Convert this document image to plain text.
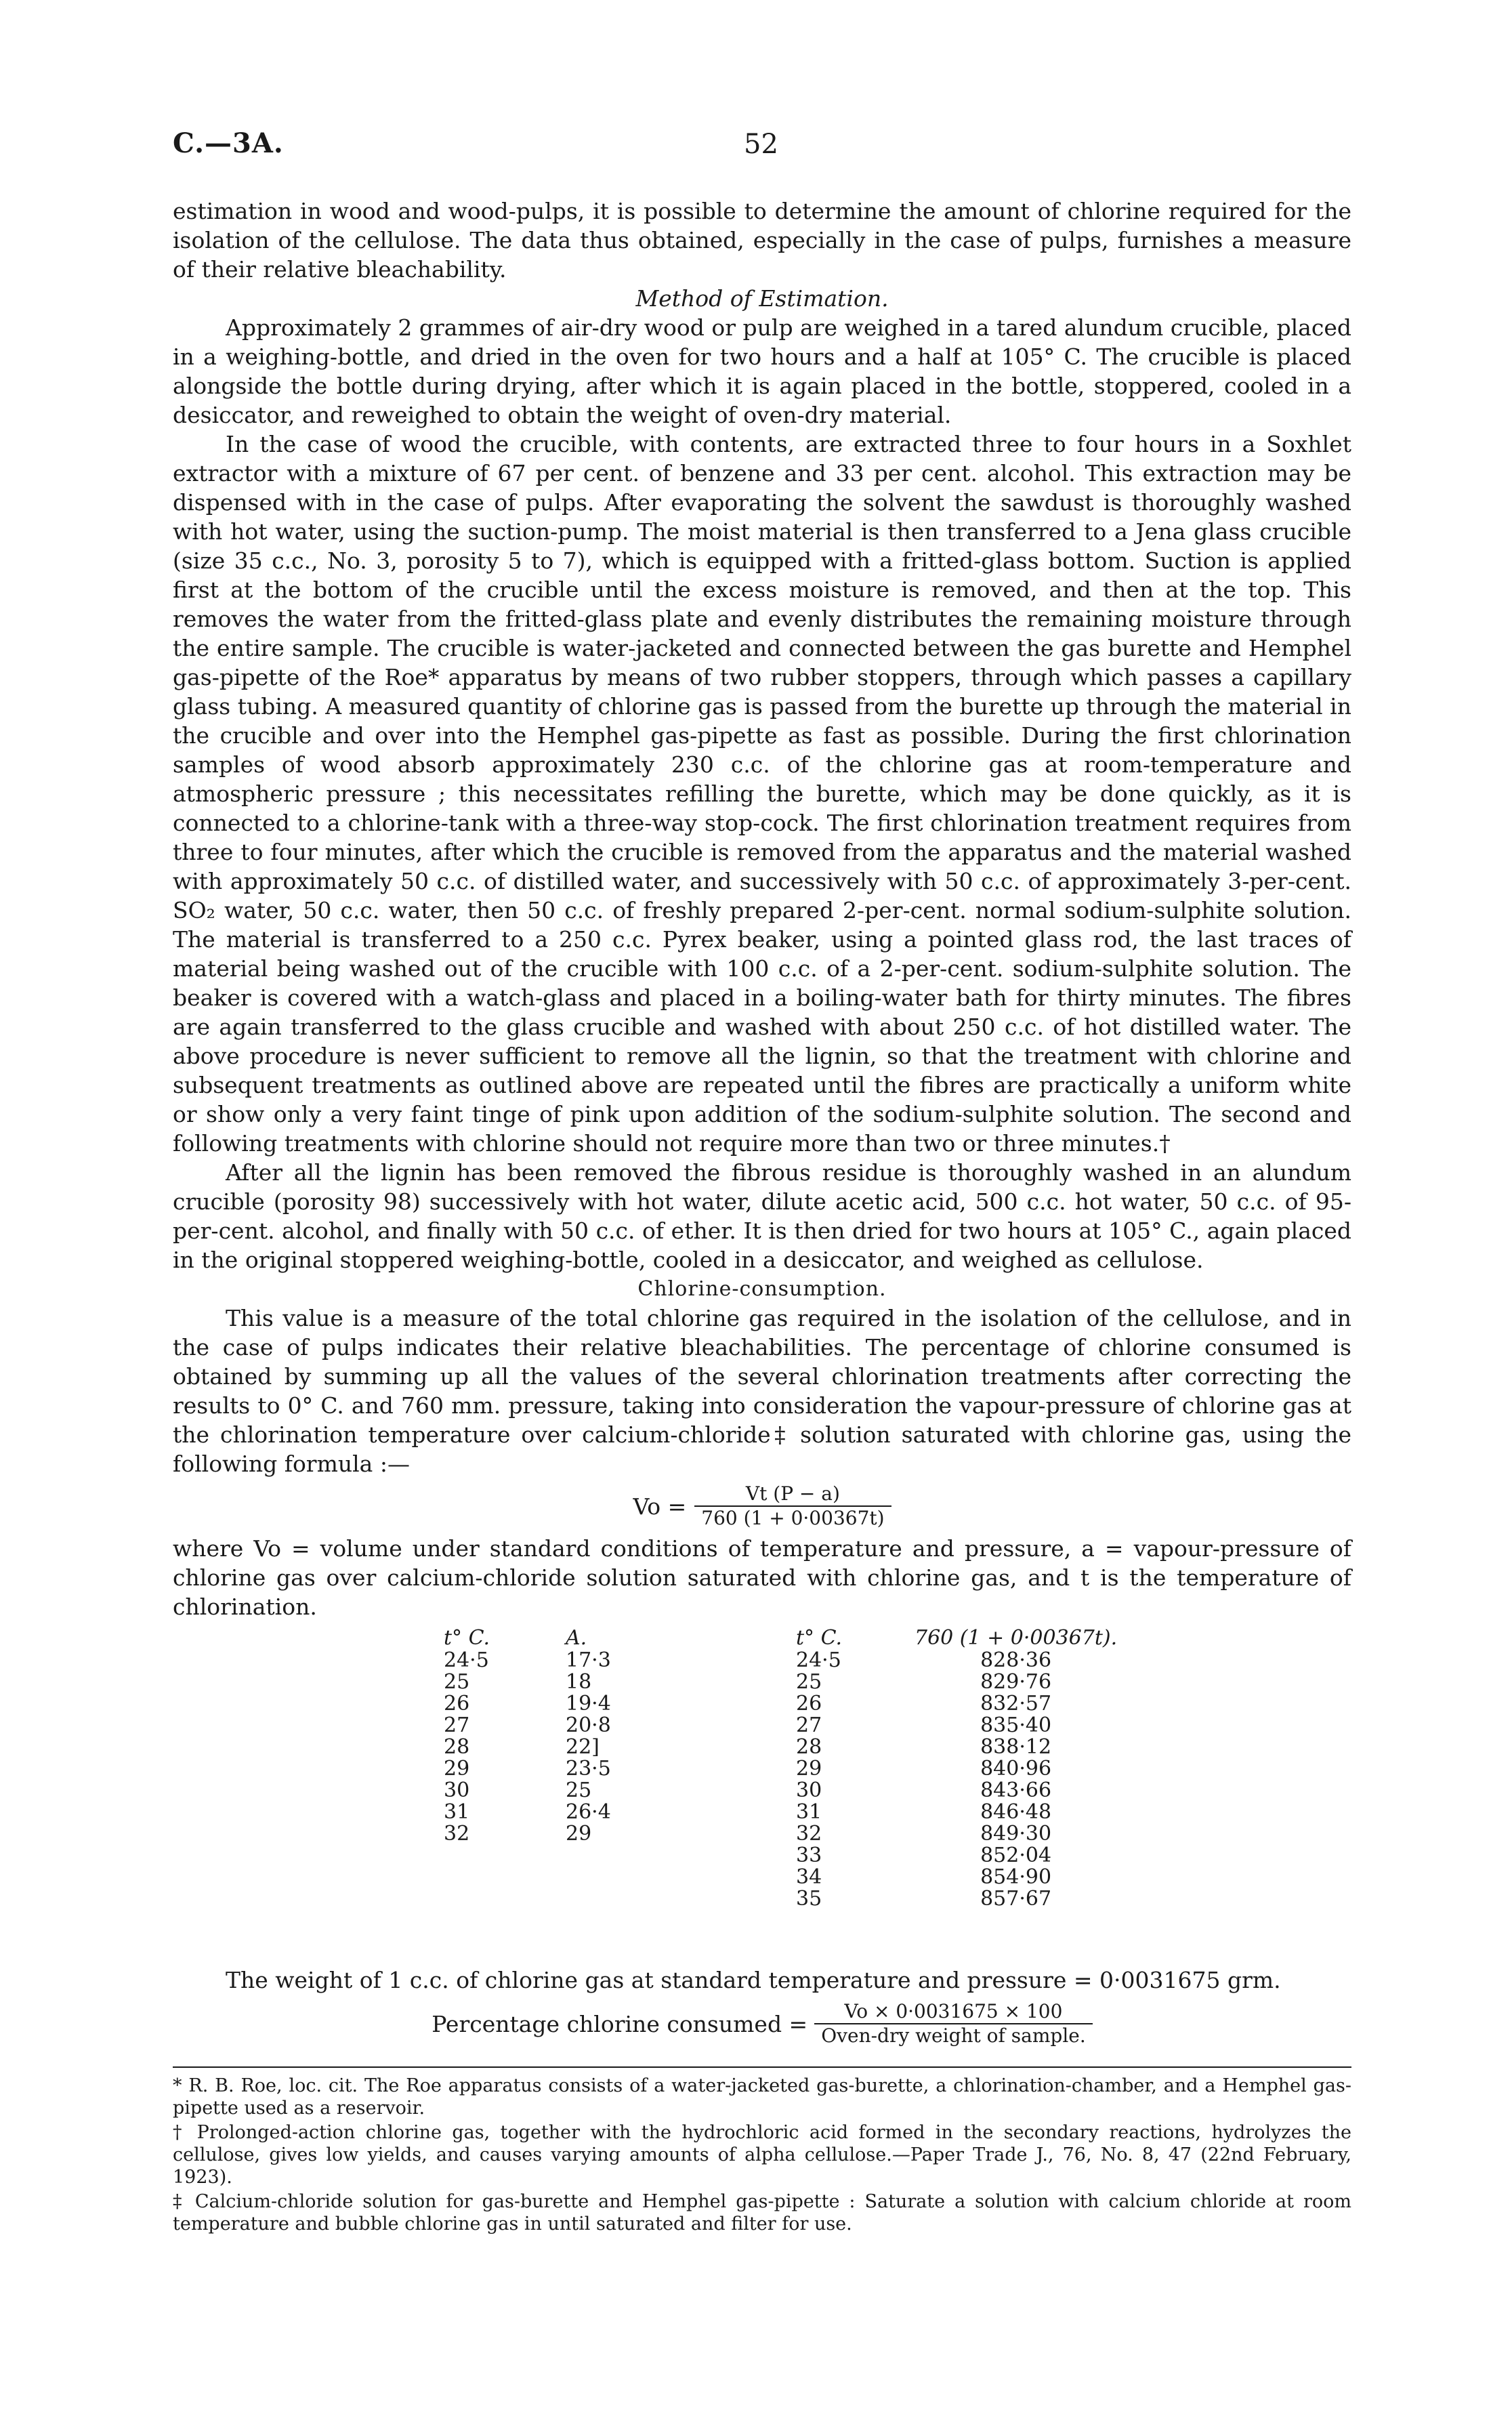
C.—3A.	52

estimation in wood and wood-pulps, it is possible to determine the amount of chlorine required for the isolation of the cellulose. The data thus obtained, especially in the case of pulps, furnishes a measure of their relative bleachability.

Method of Estimation.

Approximately 2 grammes of air-dry wood or pulp are weighed in a tared alundum crucible, placed in a weighing-bottle, and dried in the oven for two hours and a half at 105° C. The crucible is placed alongside the bottle during drying, after which it is again placed in the bottle, stoppered, cooled in a desiccator, and reweighed to obtain the weight of oven-dry material.

In the case of wood the crucible, with contents, are extracted three to four hours in a Soxhlet extractor with a mixture of 67 per cent. of benzene and 33 per cent. alcohol. This extraction may be dispensed with in the case of pulps. After evaporating the solvent the sawdust is thoroughly washed with hot water, using the suction-pump. The moist material is then transferred to a Jena glass crucible (size 35 c.c., No. 3, porosity 5 to 7), which is equipped with a fritted-glass bottom. Suction is applied first at the bottom of the crucible until the excess moisture is removed, and then at the top. This removes the water from the fritted-glass plate and evenly distributes the remaining moisture through the entire sample. The crucible is water-jacketed and connected between the gas burette and Hemphel gas-pipette of the Roe* apparatus by means of two rubber stoppers, through which passes a capillary glass tubing. A measured quantity of chlorine gas is passed from the burette up through the material in the crucible and over into the Hemphel gas-pipette as fast as possible. During the first chlorination samples of wood absorb approximately 230 c.c. of the chlorine gas at room-temperature and atmospheric pressure ; this necessitates refilling the burette, which may be done quickly, as it is connected to a chlorine-tank with a three-way stop-cock. The first chlorination treatment requires from three to four minutes, after which the crucible is removed from the apparatus and the material washed with approximately 50 c.c. of distilled water, and successively with 50 c.c. of approximately 3-per-cent. SO₂ water, 50 c.c. water, then 50 c.c. of freshly prepared 2-per-cent. normal sodium-sulphite solution. The material is transferred to a 250 c.c. Pyrex beaker, using a pointed glass rod, the last traces of material being washed out of the crucible with 100 c.c. of a 2-per-cent. sodium-sulphite solution. The beaker is covered with a watch-glass and placed in a boiling-water bath for thirty minutes. The fibres are again transferred to the glass crucible and washed with about 250 c.c. of hot distilled water. The above procedure is never sufficient to remove all the lignin, so that the treatment with chlorine and subsequent treatments as outlined above are repeated until the fibres are practically a uniform white or show only a very faint tinge of pink upon addition of the sodium-sulphite solution. The second and following treatments with chlorine should not require more than two or three minutes.†

After all the lignin has been removed the fibrous residue is thoroughly washed in an alundum crucible (porosity 98) successively with hot water, dilute acetic acid, 500 c.c. hot water, 50 c.c. of 95-per-cent. alcohol, and finally with 50 c.c. of ether. It is then dried for two hours at 105° C., again placed in the original stoppered weighing-bottle, cooled in a desiccator, and weighed as cellulose.

Chlorine-consumption.

This value is a measure of the total chlorine gas required in the isolation of the cellulose, and in the case of pulps indicates their relative bleachabilities. The percentage of chlorine consumed is obtained by summing up all the values of the several chlorination treatments after correcting the results to 0° C. and 760 mm. pressure, taking into consideration the vapour-pressure of chlorine gas at the chlorination temperature over calcium-chloride‡ solution saturated with chlorine gas, using the following formula :—

$Vo = \frac{Vt (P - a)}{760 (1 + 0\cdot 00367t)}$

where Vo = volume under standard conditions of temperature and pressure, a = vapour-pressure of chlorine gas over calcium-chloride solution saturated with chlorine gas, and t is the temperature of chlorination.

t° C.
24·5
25
26
27
28
29
30
31
32
A.
17·3
18
19·4
20·8
22]
23·5
25
26·4
29
t° C.
24·5
25
26
27
28
29
30
31
32
33
34
35
760 (1 + 0·00367t).
828·36
829·76
832·57
835·40
838·12
840·96
843·66
846·48
849·30
852·04
854·90
857·67

The weight of 1 c.c. of chlorine gas at standard temperature and pressure = 0·0031675 grm.

Percentage chlorine consumed = $\frac{Vo \times 0\cdot 0031675 \times 100}{\text{Oven-dry weight of sample.}}$

* R. B. Roe, loc. cit. The Roe apparatus consists of a water-jacketed gas-burette, a chlorination-chamber, and a Hemphel gas-pipette used as a reservoir.

† Prolonged-action chlorine gas, together with the hydrochloric acid formed in the secondary reactions, hydrolyzes the cellulose, gives low yields, and causes varying amounts of alpha cellulose.—Paper Trade J., 76, No. 8, 47 (22nd February, 1923).

‡ Calcium-chloride solution for gas-burette and Hemphel gas-pipette : Saturate a solution with calcium chloride at room temperature and bubble chlorine gas in until saturated and filter for use.
